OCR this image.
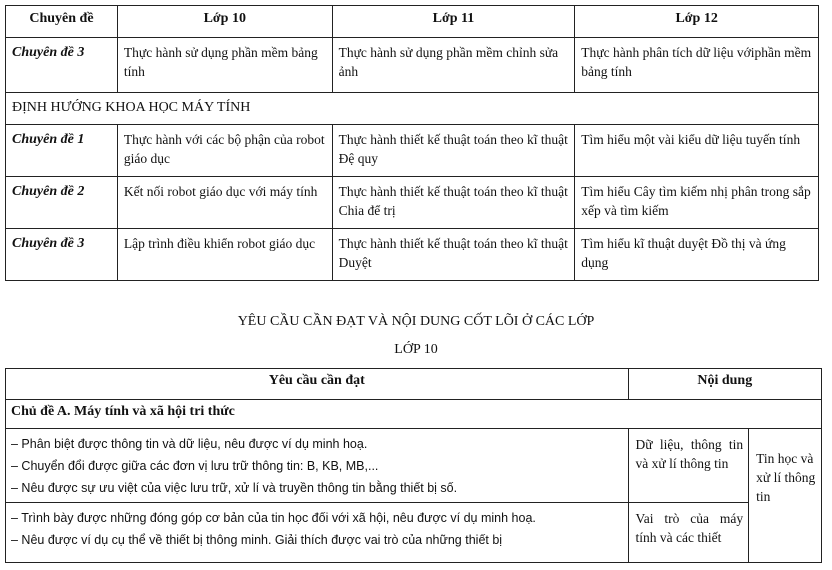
Chuyên đề	Lớp 10	Lớp 11	Lớp 12
Chuyên đề 3	Thực hành sử dụng phần mềm bảng tính	Thực hành sử dụng phần mềm chỉnh sửa ảnh	Thực hành phân tích dữ liệu vớiphần mềm bảng tính
ĐỊNH HƯỚNG KHOA HỌC MÁY TÍNH			
Chuyên đề 1	Thực hành với các bộ phận của robot giáo dục	Thực hành thiết kế thuật toán theo kĩ thuật Đệ quy	Tìm hiểu một vài kiểu dữ liệu tuyến tính
Chuyên đề 2	Kết nối robot giáo dục với máy tính	Thực hành thiết kế thuật toán theo kĩ thuật Chia để trị	Tìm hiểu Cây tìm kiếm nhị phân trong sắp xếp và tìm kiếm
Chuyên đề 3	Lập trình điều khiển robot giáo dục	Thực hành thiết kế thuật toán theo kĩ thuật Duyệt	Tìm hiểu kĩ thuật duyệt Đồ thị và ứng dụng
YÊU CẦU CẦN ĐẠT VÀ NỘI DUNG CỐT LÕI Ở CÁC LỚP
LỚP 10
Yêu cầu cần đạt	Nội dung	
Chủ đề A. Máy tính và xã hội tri thức		

– Phân biệt được thông tin và dữ liệu, nêu được ví dụ minh hoạ.
– Chuyển đổi được giữa các đơn vị lưu trữ thông tin: B, KB, MB,...
– Nêu được sự ưu việt của việc lưu trữ, xử lí và truyền thông tin bằng thiết bị số.	Dữ liệu, thông tin và xử lí thông tin	Tin học và xử lí thông tin

– Trình bày được những đóng góp cơ bản của tin học đối với xã hội, nêu được ví dụ minh hoạ.
– Nêu được ví dụ cụ thể về thiết bị thông minh. Giải thích được vai trò của những thiết bị	Vai trò của máy tính và các thiết	
